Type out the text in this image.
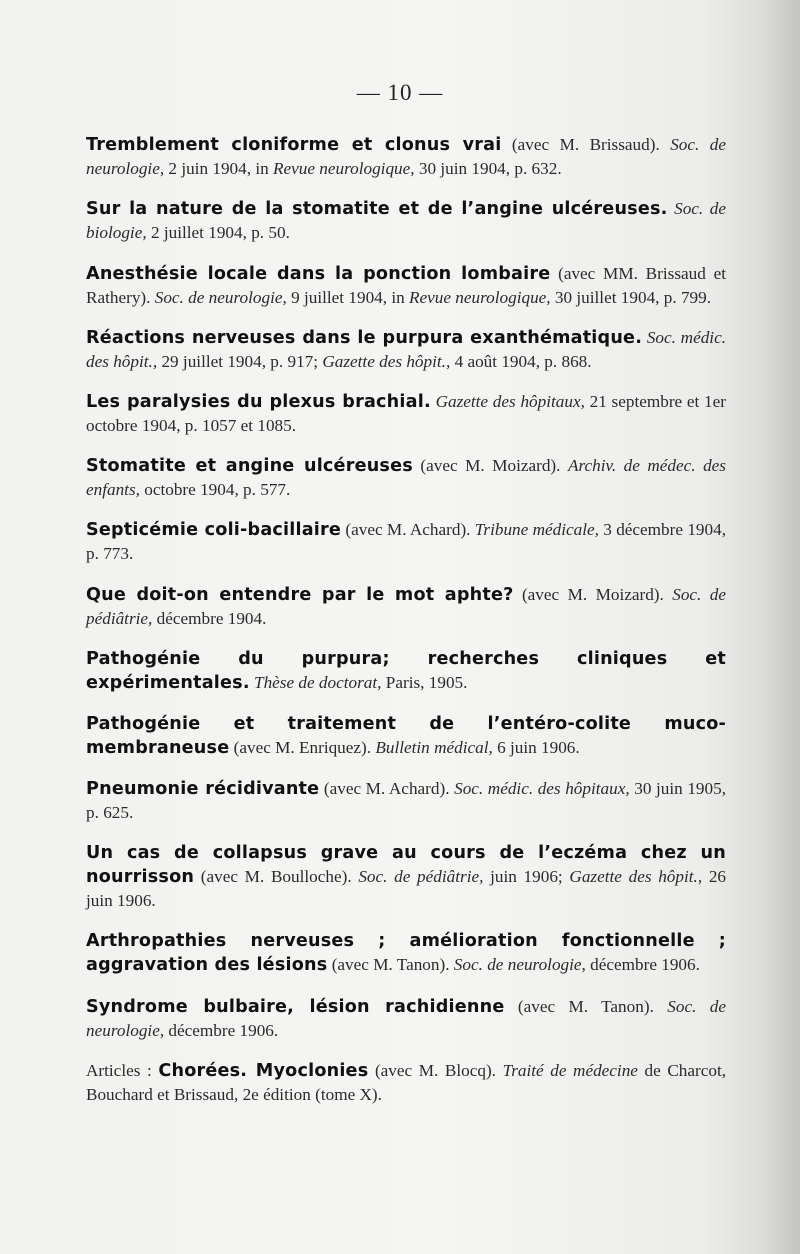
— 10 —

Tremblement cloniforme et clonus vrai (avec M. Brissaud). Soc. de neurologie, 2 juin 1904, in Revue neurologique, 30 juin 1904, p. 632.

Sur la nature de la stomatite et de l’angine ulcéreuses. Soc. de biologie, 2 juillet 1904, p. 50.

Anesthésie locale dans la ponction lombaire (avec MM. Brissaud et Rathery). Soc. de neurologie, 9 juillet 1904, in Revue neurologique, 30 juillet 1904, p. 799.

Réactions nerveuses dans le purpura exanthématique. Soc. médic. des hôpit., 29 juillet 1904, p. 917; Gazette des hôpit., 4 août 1904, p. 868.

Les paralysies du plexus brachial. Gazette des hôpitaux, 21 septembre et 1er octobre 1904, p. 1057 et 1085.

Stomatite et angine ulcéreuses (avec M. Moizard). Archiv. de médec. des enfants, octobre 1904, p. 577.

Septicémie coli-bacillaire (avec M. Achard). Tribune médicale, 3 décembre 1904, p. 773.

Que doit-on entendre par le mot aphte? (avec M. Moizard). Soc. de pédiâtrie, décembre 1904.

Pathogénie du purpura; recherches cliniques et expérimentales. Thèse de doctorat, Paris, 1905.

Pathogénie et traitement de l’entéro-colite muco-membraneuse (avec M. Enriquez). Bulletin médical, 6 juin 1906.

Pneumonie récidivante (avec M. Achard). Soc. médic. des hôpitaux, 30 juin 1905, p. 625.

Un cas de collapsus grave au cours de l’eczéma chez un nourrisson (avec M. Boulloche). Soc. de pédiâtrie, juin 1906; Gazette des hôpit., 26 juin 1906.

Arthropathies nerveuses ; amélioration fonctionnelle ; aggravation des lésions (avec M. Tanon). Soc. de neurologie, décembre 1906.

Syndrome bulbaire, lésion rachidienne (avec M. Tanon). Soc. de neurologie, décembre 1906.

Articles : Chorées. Myoclonies (avec M. Blocq). Traité de médecine de Charcot, Bouchard et Brissaud, 2e édition (tome X).
